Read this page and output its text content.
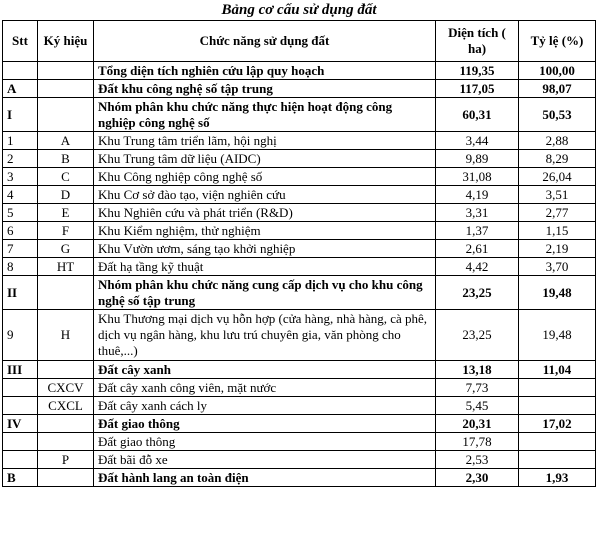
Bảng cơ cấu sử dụng đất
Stt	Ký hiệu	Chức năng sử dụng đất	Diện tích ( ha)	Tỷ lệ (%)
		Tổng diện tích nghiên cứu lập quy hoạch	119,35	100,00
A		Đất khu công nghệ số tập trung	117,05	98,07
I		Nhóm phân khu chức năng thực hiện hoạt động công nghiệp công nghệ số	60,31	50,53
1	A	Khu Trung tâm triển lãm, hội nghị	3,44	2,88
2	B	Khu Trung tâm dữ liệu (AIDC)	9,89	8,29
3	C	Khu Công nghiệp công nghệ số	31,08	26,04
4	D	Khu Cơ sở đào tạo, viện nghiên cứu	4,19	3,51
5	E	Khu Nghiên cứu và phát triển (R&D)	3,31	2,77
6	F	Khu Kiểm nghiệm, thử nghiệm	1,37	1,15
7	G	Khu Vườn ươm, sáng tạo khởi nghiệp	2,61	2,19
8	HT	Đất hạ tầng kỹ thuật	4,42	3,70
II		Nhóm phân khu chức năng cung cấp dịch vụ cho khu công nghệ số tập trung	23,25	19,48
9	H	Khu Thương mại dịch vụ hỗn hợp (cửa hàng, nhà hàng, cà phê, dịch vụ ngân hàng, khu lưu trú chuyên gia, văn phòng cho thuê,...)	23,25	19,48
III		Đất cây xanh	13,18	11,04
	CXCV	Đất cây xanh công viên, mặt nước	7,73	
	CXCL	Đất cây xanh cách ly	5,45	
IV		Đất giao thông	20,31	17,02
		Đất giao thông	17,78	
	P	Đất bãi đỗ xe	2,53	
B		Đất hành lang an toàn điện	2,30	1,93
